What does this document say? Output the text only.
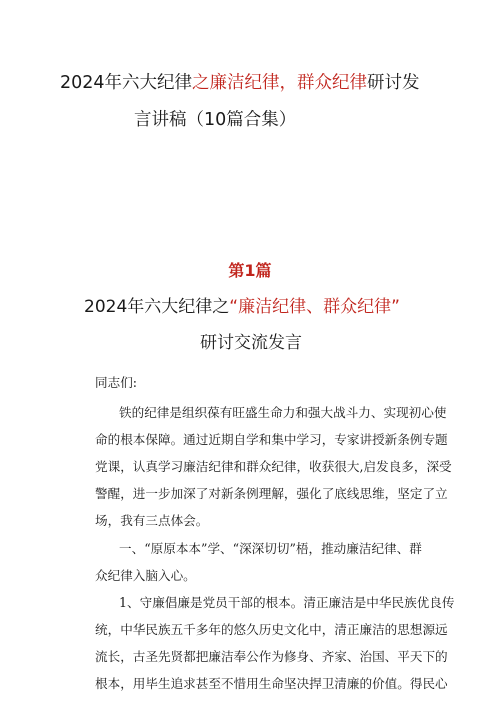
2024年六大纪律之廉洁纪律，群众纪律研讨发
言讲稿（10篇合集）
第1篇
2024年六大纪律之“廉洁纪律、群众纪律”
研讨交流发言
同志们:
铁的纪律是组织葆有旺盛生命力和强大战斗力、实现初心使
命的根本保障。通过近期自学和集中学习，专家讲授新条例专题
党课，认真学习廉洁纪律和群众纪律，收获很大,启发良多，深受
警醒，进一步加深了对新条例理解，强化了底线思维，坚定了立
场，我有三点体会。
一、“原原本本”学、“深深切切”梧，推动廉洁纪律、群
众纪律入脑入心。
1、守廉倡廉是党员干部的根本。清正廉洁是中华民族优良传
统，中华民族五千多年的悠久历史文化中，清正廉洁的思想源远
流长，古圣先贤都把廉洁奉公作为修身、齐家、治国、平天下的
根本，用毕生追求甚至不惜用生命坚决捍卫清廉的价值。得民心
